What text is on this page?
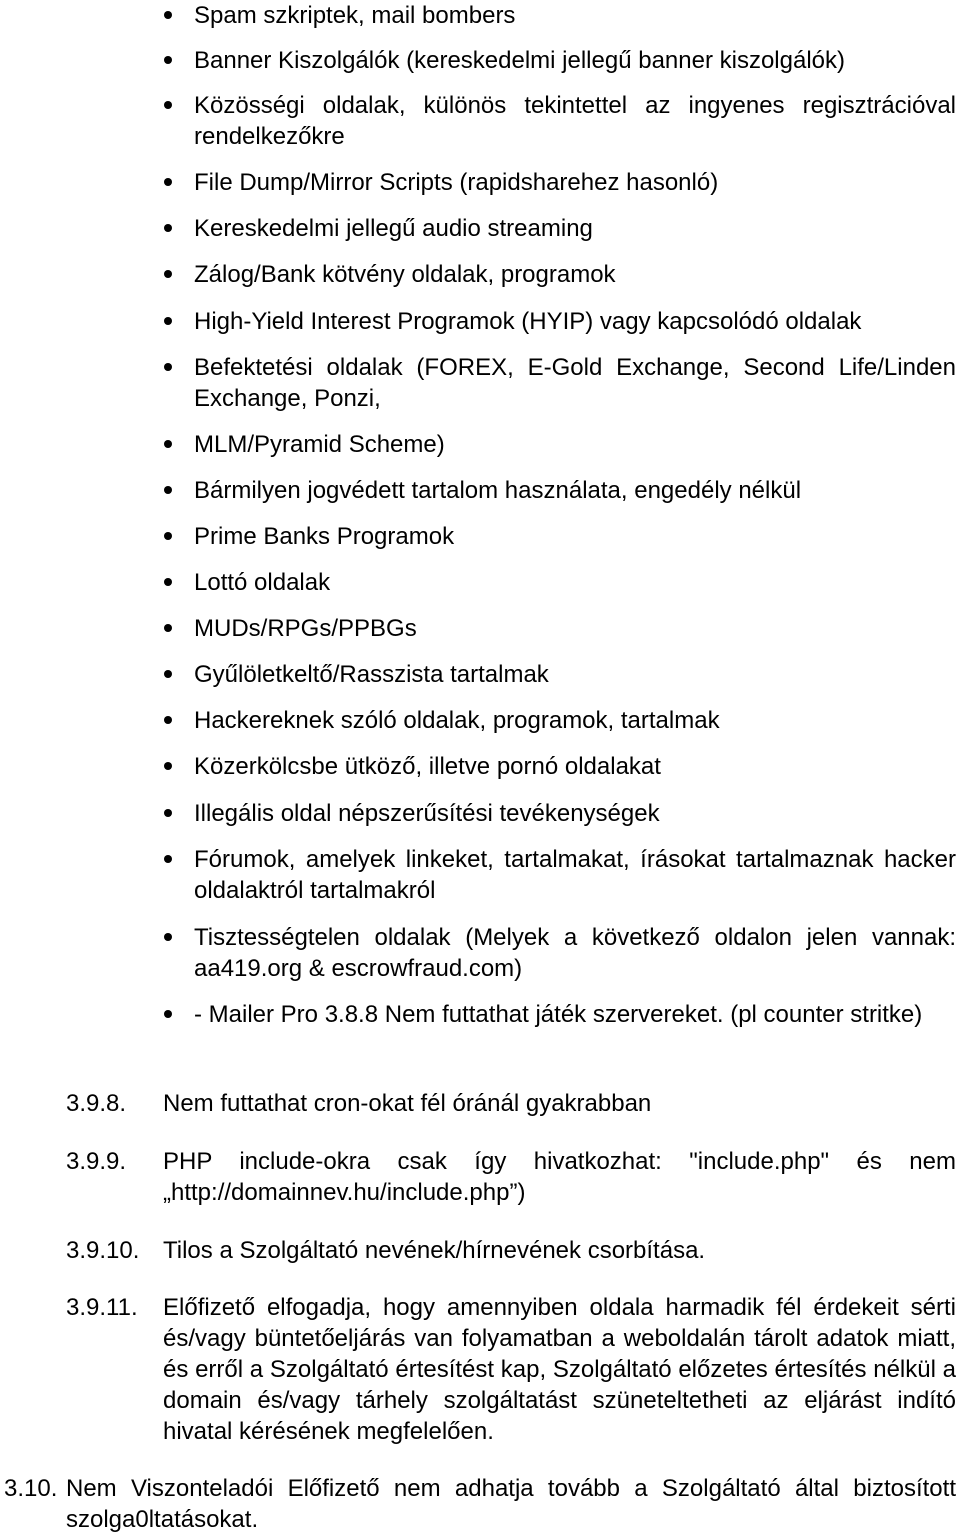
Spam szkriptek, mail bombers
Banner Kiszolgálók (kereskedelmi jellegű banner kiszolgálók)
Közösségi oldalak, különös tekintettel az ingyenes regisztrációval rendelkezőkre
File Dump/Mirror Scripts (rapidsharehez hasonló)
Kereskedelmi jellegű audio streaming
Zálog/Bank kötvény oldalak, programok
High-Yield Interest Programok (HYIP) vagy kapcsolódó oldalak
Befektetési oldalak (FOREX, E-Gold Exchange, Second Life/Linden Exchange, Ponzi,
MLM/Pyramid Scheme)
Bármilyen jogvédett tartalom használata, engedély nélkül
Prime Banks Programok
Lottó oldalak
MUDs/RPGs/PPBGs
Gyűlöletkeltő/Rasszista tartalmak
Hackereknek szóló oldalak, programok, tartalmak
Közerkölcsbe ütköző, illetve pornó oldalakat
Illegális oldal népszerűsítési tevékenységek
Fórumok, amelyek linkeket, tartalmakat, írásokat tartalmaznak hacker oldalaktról tartalmakról
Tisztességtelen oldalak (Melyek a következő oldalon jelen vannak: aa419.org & escrowfraud.com)
- Mailer Pro 3.8.8 Nem futtathat játék szervereket. (pl counter stritke)
3.9.8. Nem futtathat cron-okat fél óránál gyakrabban
3.9.9. PHP include-okra csak így hivatkozhat: "include.php" és nem „http://domainnev.hu/include.php”)
3.9.10. Tilos a Szolgáltató nevének/hírnevének csorbítása.
3.9.11. Előfizető elfogadja, hogy amennyiben oldala harmadik fél érdekeit sérti és/vagy büntetőeljárás van folyamatban a weboldalán tárolt adatok miatt, és erről a Szolgáltató értesítést kap, Szolgáltató előzetes értesítés nélkül a domain és/vagy tárhely szolgáltatást szüneteltetheti az eljárást indító hivatal kérésének megfelelően.
3.10. Nem Viszonteladói Előfizető nem adhatja tovább a Szolgáltató által biztosított szolga0ltatásokat.
